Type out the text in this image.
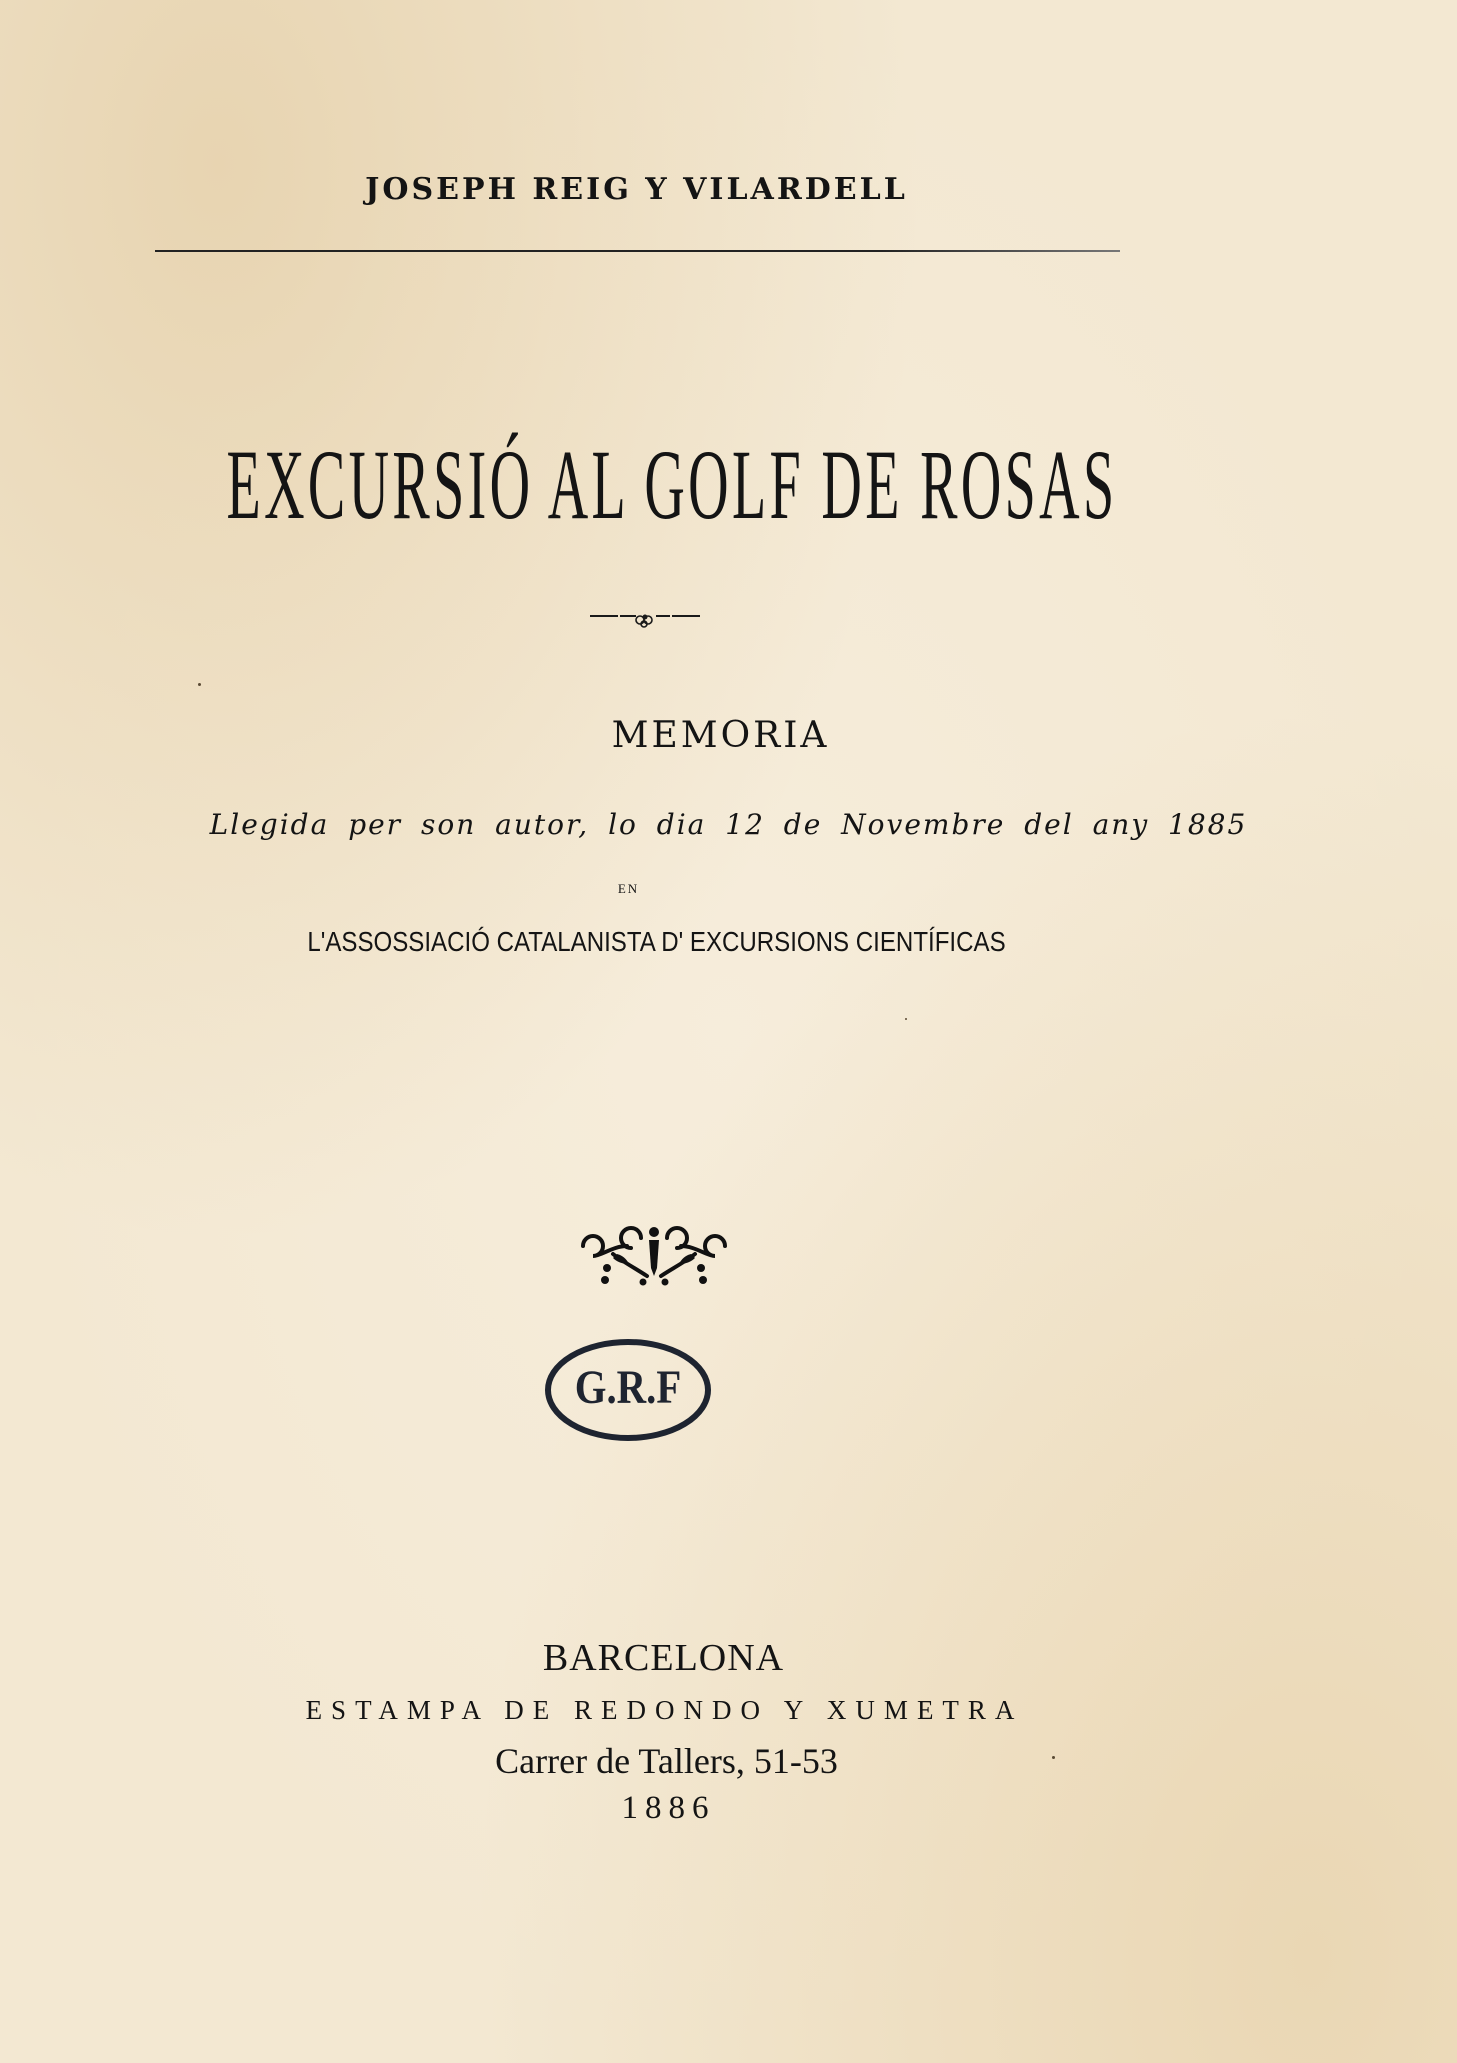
JOSEPH REIG Y VILARDELL
EXCURSIÓ AL GOLF DE ROSAS
MEMORIA
Llegida per son autor, lo dia 12 de Novembre del any 1885
EN
L'ASSOSSIACIÓ CATALANISTA D' EXCURSIONS CIENTÍFICAS
G.R.F
BARCELONA
ESTAMPA DE REDONDO Y XUMETRA
Carrer de Tallers, 51-53
1886
